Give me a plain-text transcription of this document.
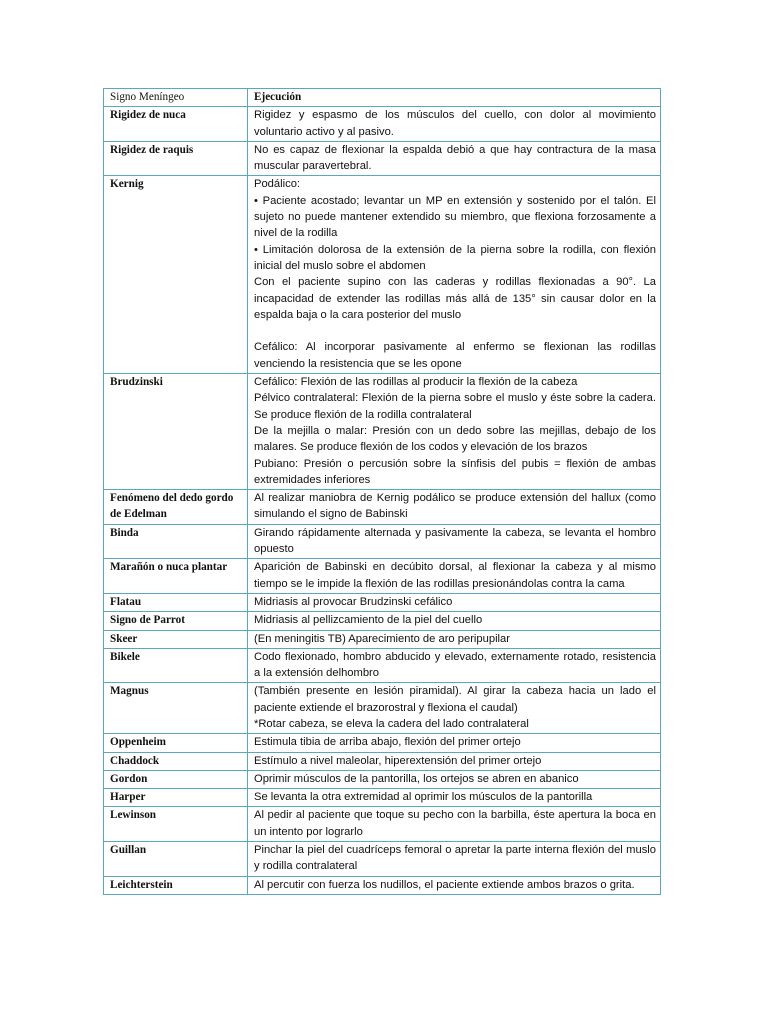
Signo Meníngeo	Ejecución
Rigidez de nuca	Rigidez y espasmo de los músculos del cuello, con dolor al movimiento voluntario activo y al pasivo.

Rigidez de raquis	No es capaz de flexionar la espalda debió a que hay contractura de la masa muscular paravertebral.

Kernig	Podálico:
• Paciente acostado; levantar un MP en extensión y sostenido por el talón. El sujeto no puede mantener extendido su miembro, que flexiona forzosamente a nivel de la rodilla
• Limitación dolorosa de la extensión de la pierna sobre la rodilla, con flexión inicial del muslo sobre el abdomen
Con el paciente supino con las caderas y rodillas flexionadas a 90°. La incapacidad de extender las rodillas más allá de 135° sin causar dolor en la espalda baja o la cara posterior del muslo
Cefálico: Al incorporar pasivamente al enfermo se flexionan las rodillas venciendo la resistencia que se les opone

Brudzinski	Cefálico: Flexión de las rodillas al producir la flexión de la cabeza
Pélvico contralateral: Flexión de la pierna sobre el muslo y éste sobre la cadera. Se produce flexión de la rodilla contralateral
De la mejilla o malar: Presión con un dedo sobre las mejillas, debajo de los malares. Se produce flexión de los codos y elevación de los brazos
Pubiano: Presión o percusión sobre la sínfisis del pubis = flexión de ambas extremidades inferiores

Fenómeno del dedo gordo de Edelman	Al realizar maniobra de Kernig podálico se produce extensión del hallux (como simulando el signo de Babinski

Binda	Girando rápidamente alternada y pasivamente la cabeza, se levanta el hombro opuesto

Marañón o nuca plantar	Aparición de Babinski en decúbito dorsal, al flexionar la cabeza y al mismo tiempo se le impide la flexión de las rodillas presionándolas contra la cama

Flatau	Midriasis al provocar Brudzinski cefálico

Signo de Parrot	Midriasis al pellizcamiento de la piel del cuello

Skeer	(En meningitis TB) Aparecimiento de aro peripupilar

Bikele	Codo flexionado, hombro abducido y elevado, externamente rotado, resistencia a la extensión delhombro

Magnus	(También presente en lesión piramidal). Al girar la cabeza hacia un lado el paciente extiende el brazorostral y flexiona el caudal)
*Rotar cabeza, se eleva la cadera del lado contralateral

Oppenheim	Estimula tibia de arriba abajo, flexión del primer ortejo

Chaddock	Estímulo a nivel maleolar, hiperextensión del primer ortejo

Gordon	Oprimir músculos de la pantorilla, los ortejos se abren en abanico

Harper	Se levanta la otra extremidad al oprimir los músculos de la pantorilla

Lewinson	Al pedir al paciente que toque su pecho con la barbilla, éste apertura la boca en un intento por lograrlo

Guillan	Pinchar la piel del cuadríceps femoral o apretar la parte interna flexión del muslo y rodilla contralateral

Leichterstein	Al percutir con fuerza los nudillos, el paciente extiende ambos brazos o grita.
